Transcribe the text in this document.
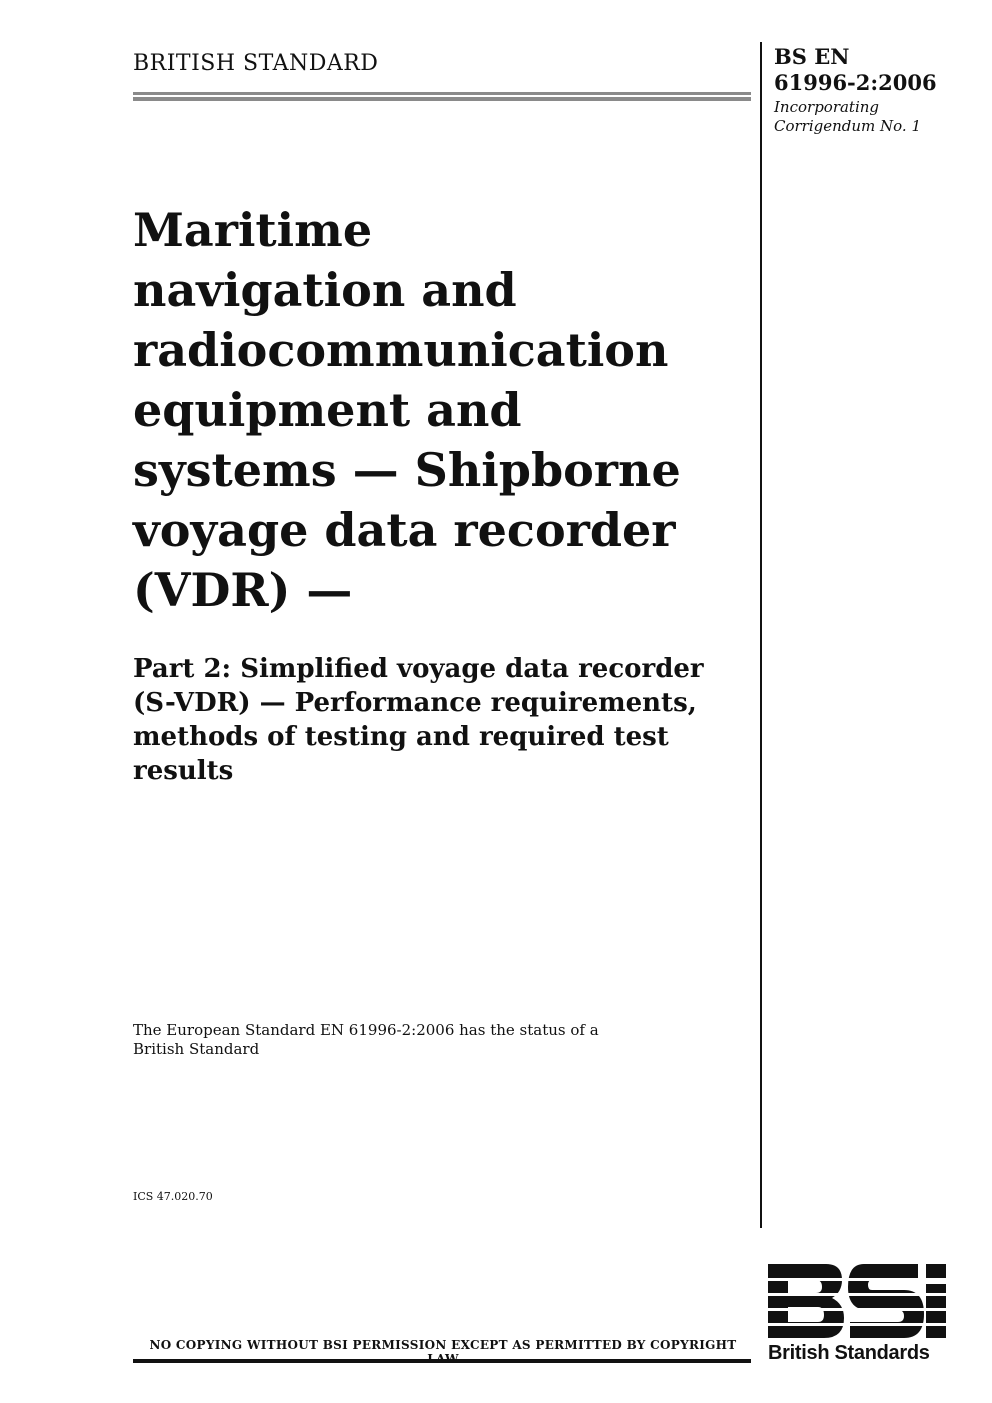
BRITISH STANDARD	BS EN
61996-2:2006
Incorporating
Corrigendum No. 1
Maritime
navigation and
radiocommunication
equipment and
systems — Shipborne
voyage data recorder
(VDR) —
Part 2: Simplified voyage data recorder
(S-VDR) — Performance requirements,
methods of testing and required test
results
The European Standard EN 61996-2:2006 has the status of a
British Standard
ICS 47.020.70
NO COPYING WITHOUT BSI PERMISSION EXCEPT AS PERMITTED BY COPYRIGHT	British Standards
